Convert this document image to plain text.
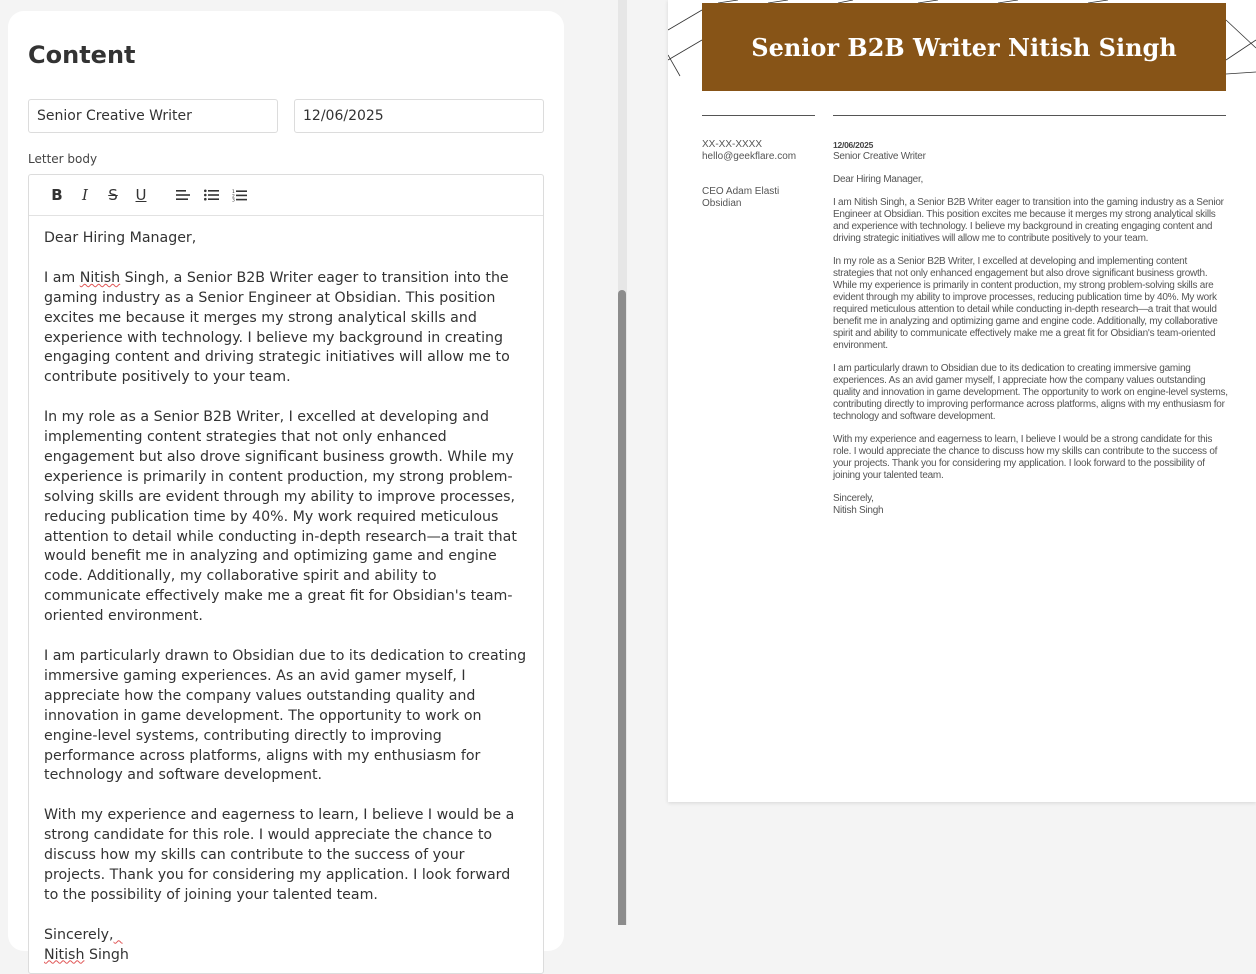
Content
Senior Creative Writer
12/06/2025
Letter body
B	I	S	U	1
2
3

Dear Hiring Manager,

I am Nitish Singh, a Senior B2B Writer eager to transition into the gaming industry as a Senior Engineer at Obsidian. This position excites me because it merges my strong analytical skills and experience with technology. I believe my background in creating engaging content and driving strategic initiatives will allow me to contribute positively to your team.

In my role as a Senior B2B Writer, I excelled at developing and implementing content strategies that not only enhanced engagement but also drove significant business growth. While my experience is primarily in content production, my strong problem-solving skills are evident through my ability to improve processes, reducing publication time by 40%. My work required meticulous attention to detail while conducting in-depth research—a trait that would benefit me in analyzing and optimizing game and engine code. Additionally, my collaborative spirit and ability to communicate effectively make me a great fit for Obsidian's team-oriented environment.

I am particularly drawn to Obsidian due to its dedication to creating immersive gaming experiences. As an avid gamer myself, I appreciate how the company values outstanding quality and innovation in game development. The opportunity to work on engine-level systems, contributing directly to improving performance across platforms, aligns with my enthusiasm for technology and software development.

With my experience and eagerness to learn, I believe I would be a strong candidate for this role. I would appreciate the chance to discuss how my skills can contribute to the success of your projects. Thank you for considering my application. I look forward to the possibility of joining your talented team.

Sincerely,

Nitish Singh

Senior B2B Writer Nitish Singh
XX-XX-XXXX
hello@geekflare.com
CEO Adam Elasti
Obsidian
12/06/2025

Senior Creative Writer

Dear Hiring Manager,

I am Nitish Singh, a Senior B2B Writer eager to transition into the gaming industry as a Senior Engineer at Obsidian. This position excites me because it merges my strong analytical skills and experience with technology. I believe my background in creating engaging content and driving strategic initiatives will allow me to contribute positively to your team.

In my role as a Senior B2B Writer, I excelled at developing and implementing content strategies that not only enhanced engagement but also drove significant business growth. While my experience is primarily in content production, my strong problem-solving skills are evident through my ability to improve processes, reducing publication time by 40%. My work required meticulous attention to detail while conducting in-depth research—a trait that would benefit me in analyzing and optimizing game and engine code. Additionally, my collaborative spirit and ability to communicate effectively make me a great fit for Obsidian's team-oriented environment.

I am particularly drawn to Obsidian due to its dedication to creating immersive gaming experiences. As an avid gamer myself, I appreciate how the company values outstanding quality and innovation in game development. The opportunity to work on engine-level systems, contributing directly to improving performance across platforms, aligns with my enthusiasm for technology and software development.

With my experience and eagerness to learn, I believe I would be a strong candidate for this role. I would appreciate the chance to discuss how my skills can contribute to the success of your projects. Thank you for considering my application. I look forward to the possibility of joining your talented team.

Sincerely,
Nitish Singh
